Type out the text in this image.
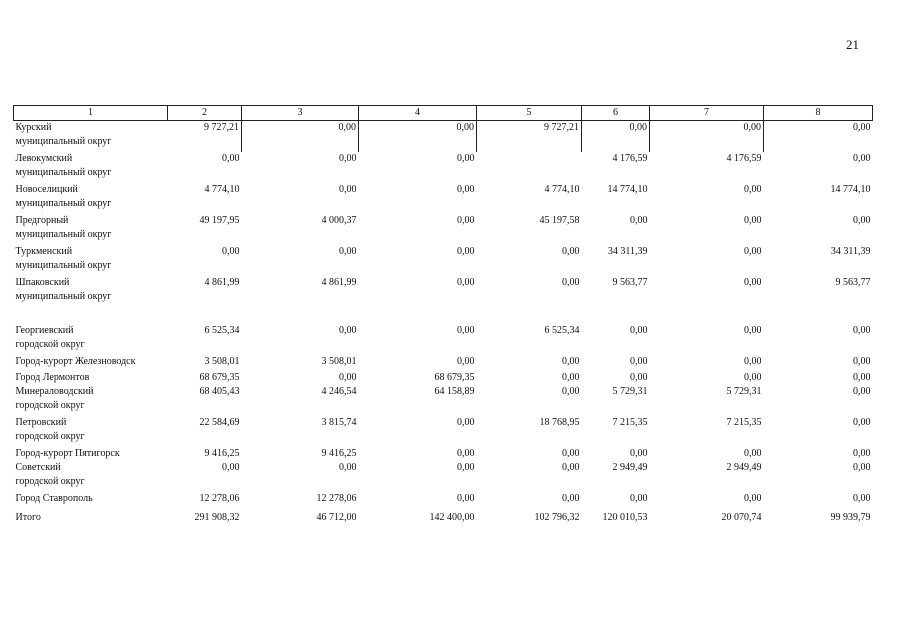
21
1	2	3	4	5	6	7	8
Курский
муниципальный округ	9 727,21	0,00	0,00	9 727,21	0,00	0,00	0,00
Левокумский
муниципальный округ	0,00	0,00	0,00		4 176,59	4 176,59	0,00
Новоселицкий
муниципальный округ	4 774,10	0,00	0,00	4 774,10	14 774,10	0,00	14 774,10
Предгорный
муниципальный округ	49 197,95	4 000,37	0,00	45 197,58	0,00	0,00	0,00
Туркменский
муниципальный округ	0,00	0,00	0,00	0,00	34 311,39	0,00	34 311,39
Шпаковский
муниципальный округ	4 861,99	4 861,99	0,00	0,00	9 563,77	0,00	9 563,77
Георгиевский
городской округ	6 525,34	0,00	0,00	6 525,34	0,00	0,00	0,00
Город-курорт Железноводск	3 508,01	3 508,01	0,00	0,00	0,00	0,00	0,00
Город Лермонтов	68 679,35	0,00	68 679,35	0,00	0,00	0,00	0,00
Минераловодский
городской округ	68 405,43	4 246,54	64 158,89	0,00	5 729,31	5 729,31	0,00
Петровский
городской округ	22 584,69	3 815,74	0,00	18 768,95	7 215,35	7 215,35	0,00
Город-курорт Пятигорск	9 416,25	9 416,25	0,00	0,00	0,00	0,00	0,00
Советский
городской округ	0,00	0,00	0,00	0,00	2 949,49	2 949,49	0,00
Город Ставрополь	12 278,06	12 278,06	0,00	0,00	0,00	0,00	0,00
Итого	291 908,32	46 712,00	142 400,00	102 796,32	120 010,53	20 070,74	99 939,79
